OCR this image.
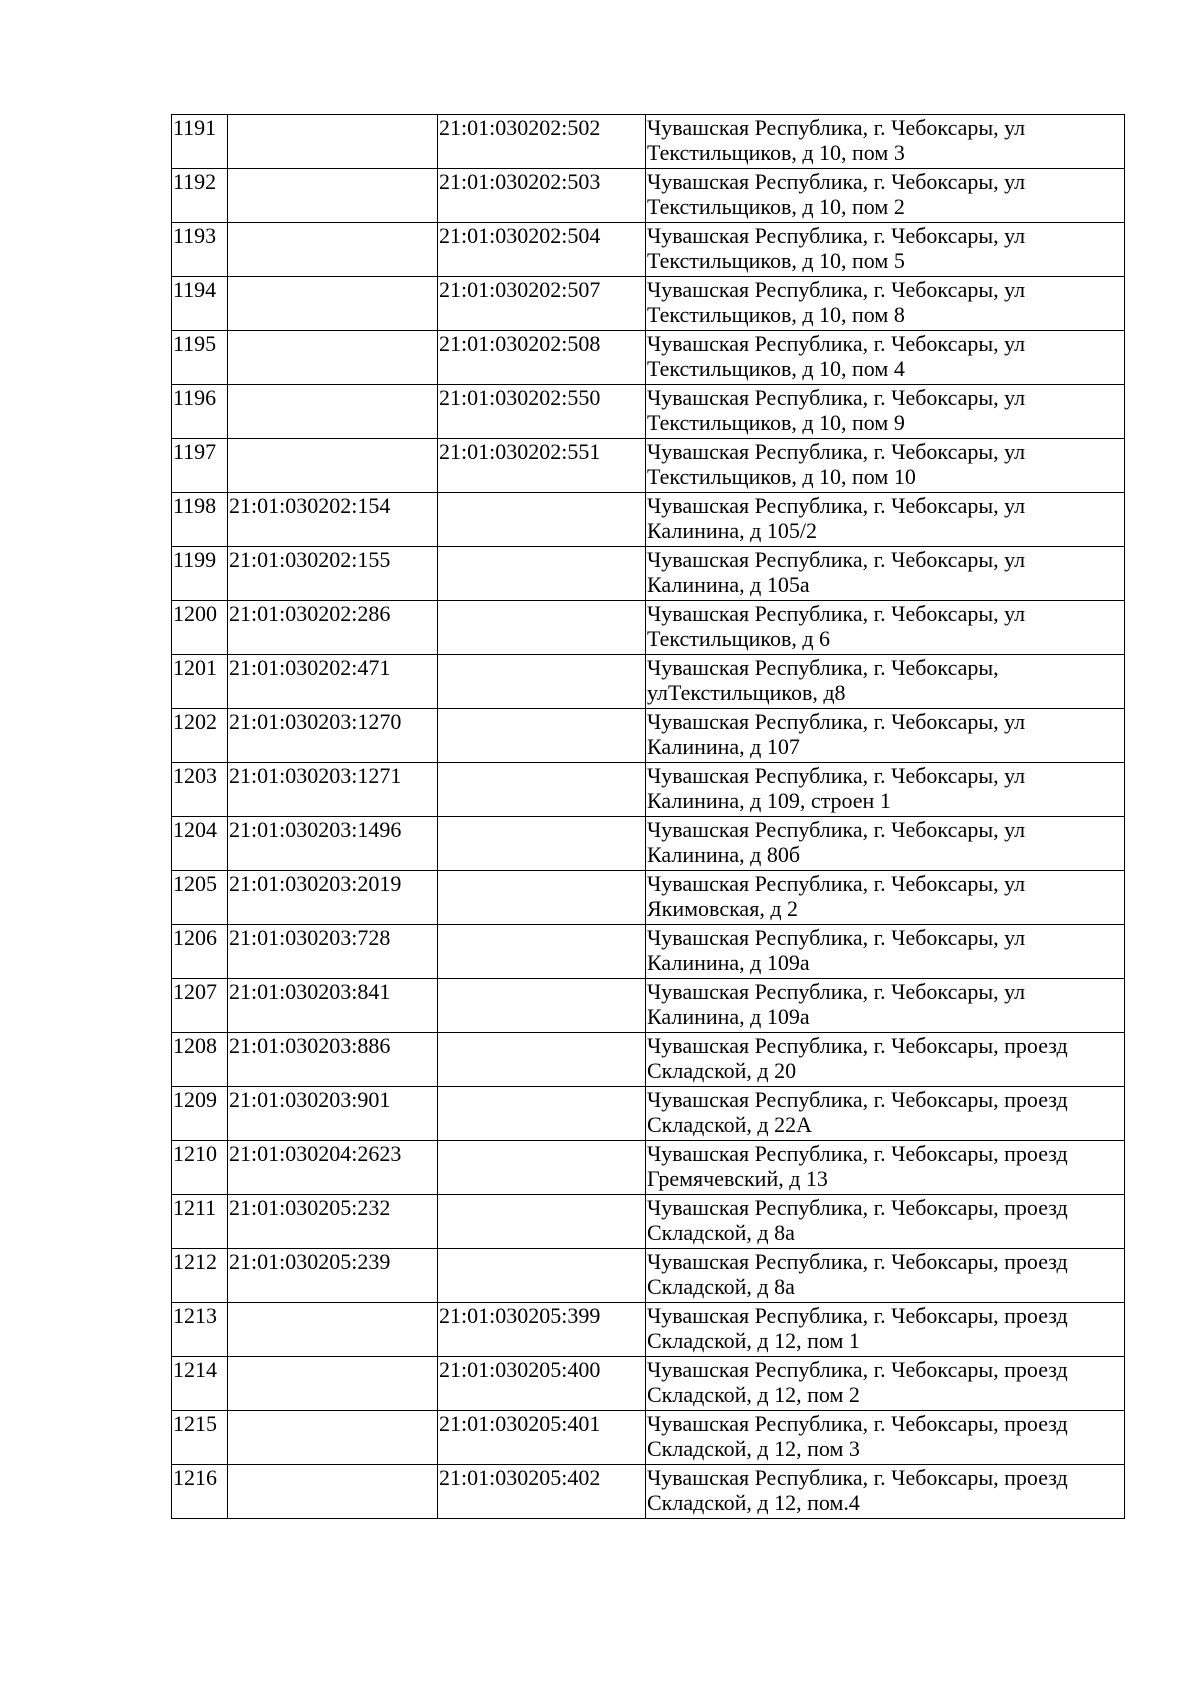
1191		21:01:030202:502	Чувашская Республика, г. Чебоксары, ул Текстильщиков, д 10, пом 3
1192		21:01:030202:503	Чувашская Республика, г. Чебоксары, ул Текстильщиков, д 10, пом 2
1193		21:01:030202:504	Чувашская Республика, г. Чебоксары, ул Текстильщиков, д 10, пом 5
1194		21:01:030202:507	Чувашская Республика, г. Чебоксары, ул Текстильщиков, д 10, пом 8
1195		21:01:030202:508	Чувашская Республика, г. Чебоксары, ул Текстильщиков, д 10, пом 4
1196		21:01:030202:550	Чувашская Республика, г. Чебоксары, ул Текстильщиков, д 10, пом 9
1197		21:01:030202:551	Чувашская Республика, г. Чебоксары, ул Текстильщиков, д 10, пом 10
1198	21:01:030202:154		Чувашская Республика, г. Чебоксары, ул Калинина, д 105/2
1199	21:01:030202:155		Чувашская Республика, г. Чебоксары, ул Калинина, д 105а
1200	21:01:030202:286		Чувашская Республика, г. Чебоксары, ул Текстильщиков, д 6
1201	21:01:030202:471		Чувашская Республика, г. Чебоксары, улТекстильщиков, д8
1202	21:01:030203:1270		Чувашская Республика, г. Чебоксары, ул Калинина, д 107
1203	21:01:030203:1271		Чувашская Республика, г. Чебоксары, ул Калинина, д 109, строен 1
1204	21:01:030203:1496		Чувашская Республика, г. Чебоксары, ул Калинина, д 80б
1205	21:01:030203:2019		Чувашская Республика, г. Чебоксары, ул Якимовская, д 2
1206	21:01:030203:728		Чувашская Республика, г. Чебоксары, ул Калинина, д 109а
1207	21:01:030203:841		Чувашская Республика, г. Чебоксары, ул Калинина, д 109а
1208	21:01:030203:886		Чувашская Республика, г. Чебоксары, проезд Складской, д 20
1209	21:01:030203:901		Чувашская Республика, г. Чебоксары, проезд Складской, д 22А
1210	21:01:030204:2623		Чувашская Республика, г. Чебоксары, проезд Гремячевский, д 13
1211	21:01:030205:232		Чувашская Республика, г. Чебоксары, проезд Складской, д 8а
1212	21:01:030205:239		Чувашская Республика, г. Чебоксары, проезд Складской, д 8а
1213		21:01:030205:399	Чувашская Республика, г. Чебоксары, проезд Складской, д 12, пом 1
1214		21:01:030205:400	Чувашская Республика, г. Чебоксары, проезд Складской, д 12, пом 2
1215		21:01:030205:401	Чувашская Республика, г. Чебоксары, проезд Складской, д 12, пом 3
1216		21:01:030205:402	Чувашская Республика, г. Чебоксары, проезд Складской, д 12, пом.4
